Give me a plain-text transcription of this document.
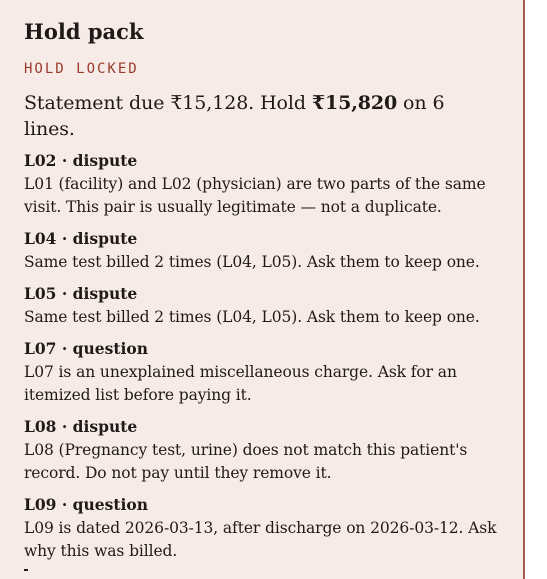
Hold pack
HOLD LOCKED
Statement due ₹15,128. Hold ₹15,820 on 6 lines.
L02 · dispute
L01 (facility) and L02 (physician) are two parts of the same visit. This pair is usually legitimate — not a duplicate.
L04 · dispute
Same test billed 2 times (L04, L05). Ask them to keep one.
L05 · dispute
Same test billed 2 times (L04, L05). Ask them to keep one.
L07 · question
L07 is an unexplained miscellaneous charge. Ask for an itemized list before paying it.
L08 · dispute
L08 (Pregnancy test, urine) does not match this patient's record. Do not pay until they remove it.
L09 · question
L09 is dated 2026-03-13, after discharge on 2026-03-12. Ask why this was billed.
